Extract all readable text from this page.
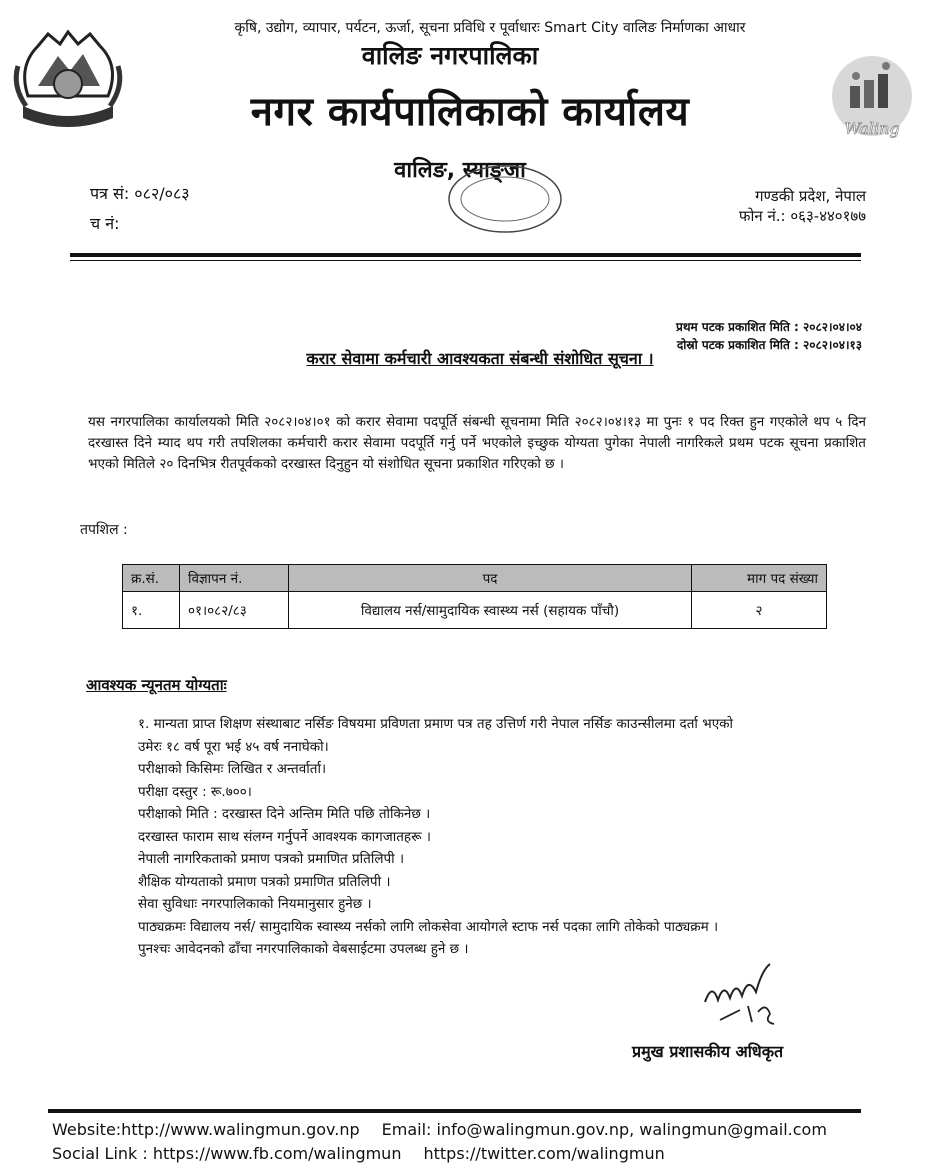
Waling
कृषि, उद्योग, व्यापार, पर्यटन, ऊर्जा, सूचना प्रविधि र पूर्वाधारः Smart City वालिङ निर्माणका आधार
वालिङ नगरपालिका
नगर कार्यपालिकाको कार्यालय
वालिङ, स्याङ्जा
पत्र सं: ०८२/०८३
च नं:
गण्डकी प्रदेश, नेपाल
फोन नं.: ०६३-४४०१७७
प्रथम पटक प्रकाशित मिति : २०८२।०४।०४
दोस्रो पटक प्रकाशित मिति : २०८२।०४।१३
करार सेवामा कर्मचारी आवश्यकता संबन्धी संशोधित सूचना ।
यस नगरपालिका कार्यालयको मिति २०८२।०४।०१ को करार सेवामा पदपूर्ति संबन्धी सूचनामा मिति २०८२।०४।१३ मा पुनः १ पद रिक्त हुन गएकोले थप ५ दिन दरखास्त दिने म्याद थप गरी तपशिलका कर्मचारी करार सेवामा पदपूर्ति गर्नु पर्ने भएकोले इच्छुक योग्यता पुगेका नेपाली नागरिकले प्रथम पटक सूचना प्रकाशित भएको मितिले २० दिनभित्र रीतपूर्वकको दरखास्त दिनुहुन यो संशोधित सूचना प्रकाशित गरिएको छ ।
तपशिल :
क्र.सं.	विज्ञापन नं.	पद	माग पद संख्या
१.	०१।०८२/८३	विद्यालय नर्स/सामुदायिक स्वास्थ्य नर्स (सहायक पाँचौ)	२
आवश्यक न्यूनतम योग्यताः
१. मान्यता प्राप्त शिक्षण संस्थाबाट नर्सिङ विषयमा प्रविणता प्रमाण पत्र तह उत्तिर्ण गरी नेपाल नर्सिङ काउन्सीलमा दर्ता भएको
उमेरः १८ वर्ष पूरा भई ४५ वर्ष ननाघेको।
परीक्षाको किसिमः लिखित र अन्तर्वार्ता।
परीक्षा दस्तुर : रू.७००।
परीक्षाको मिति : दरखास्त दिने अन्तिम मिति पछि तोकिनेछ ।
दरखास्त फाराम साथ संलग्न गर्नुपर्ने आवश्यक कागजातहरू ।
नेपाली नागरिकताको प्रमाण पत्रको प्रमाणित प्रतिलिपी ।
शैक्षिक योग्यताको प्रमाण पत्रको प्रमाणित प्रतिलिपी ।
सेवा सुविधाः नगरपालिकाको नियमानुसार हुनेछ ।
पाठ्यक्रमः विद्यालय नर्स/ सामुदायिक स्वास्थ्य नर्सको लागि लोकसेवा आयोगले स्टाफ नर्स पदका लागि तोकेको पाठ्यक्रम ।
पुनश्चः आवेदनको ढाँचा नगरपालिकाको वेबसाईटमा उपलब्ध हुने छ ।
प्रमुख प्रशासकीय अधिकृत
Website:http://www.walingmun.gov.np Email: info@walingmun.gov.np, walingmun@gmail.com
Social Link : https://www.fb.com/walingmun https://twitter.com/walingmun
